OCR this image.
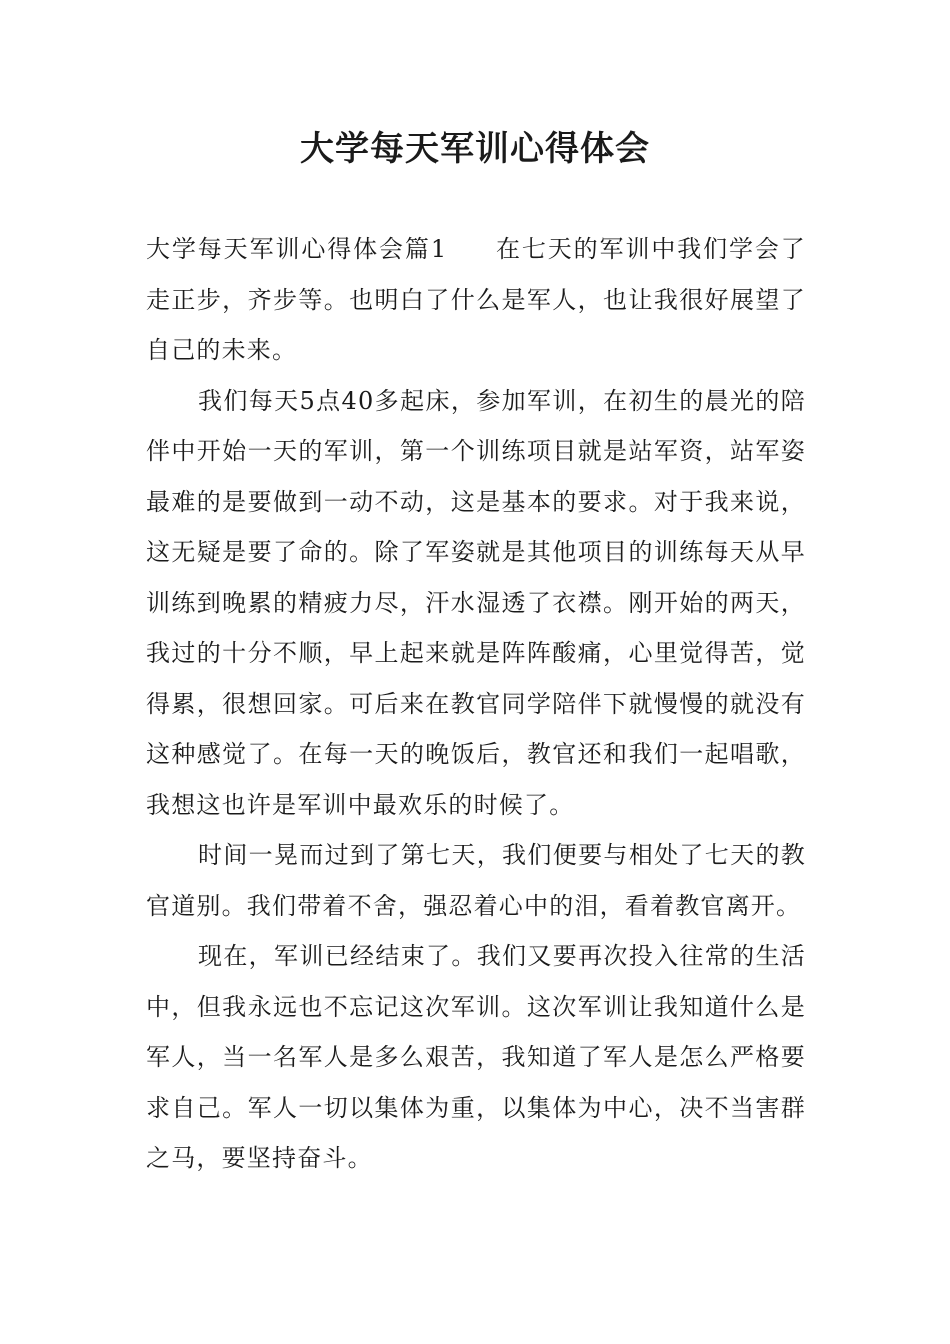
大学每天军训心得体会

大学每天军训心得体会篇1 在七天的军训中我们学会了走正步，齐步等。也明白了什么是军人，也让我很好展望了自己的未来。

我们每天5点40多起床，参加军训，在初生的晨光的陪伴中开始一天的军训，第一个训练项目就是站军资，站军姿最难的是要做到一动不动，这是基本的要求。对于我来说，这无疑是要了命的。除了军姿就是其他项目的训练每天从早训练到晚累的精疲力尽，汗水湿透了衣襟。刚开始的两天，我过的十分不顺，早上起来就是阵阵酸痛，心里觉得苦，觉得累，很想回家。可后来在教官同学陪伴下就慢慢的就没有这种感觉了。在每一天的晚饭后，教官还和我们一起唱歌，我想这也许是军训中最欢乐的时候了。

时间一晃而过到了第七天，我们便要与相处了七天的教官道别。我们带着不舍，强忍着心中的泪，看着教官离开。

现在，军训已经结束了。我们又要再次投入往常的生活中，但我永远也不忘记这次军训。这次军训让我知道什么是军人，当一名军人是多么艰苦，我知道了军人是怎么严格要求自己。军人一切以集体为重，以集体为中心，决不当害群之马，要坚持奋斗。
